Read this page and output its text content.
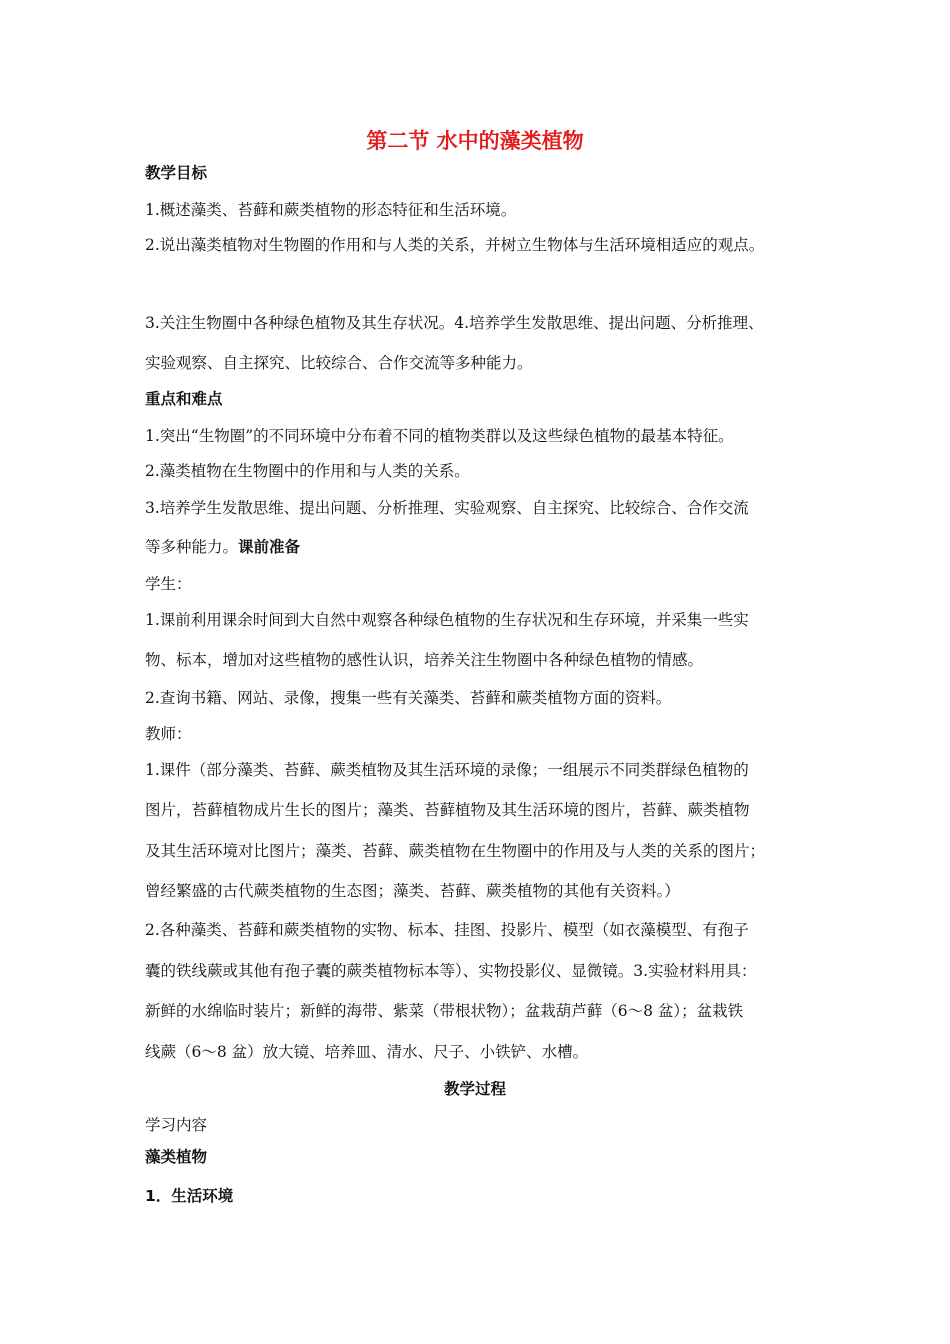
第二节 水中的藻类植物

教学目标

1.概述藻类、苔藓和蕨类植物的形态特征和生活环境。

2.说出藻类植物对生物圈的作用和与人类的关系，并树立生物体与生活环境相适应的观点。

3.关注生物圈中各种绿色植物及其生存状况。4.培养学生发散思维、提出问题、分析推理、

实验观察、自主探究、比较综合、合作交流等多种能力。

重点和难点

1.突出“生物圈”的不同环境中分布着不同的植物类群以及这些绿色植物的最基本特征。

2.藻类植物在生物圈中的作用和与人类的关系。

3.培养学生发散思维、提出问题、分析推理、实验观察、自主探究、比较综合、合作交流

等多种能力。课前准备

学生：

1.课前利用课余时间到大自然中观察各种绿色植物的生存状况和生存环境，并采集一些实

物、标本，增加对这些植物的感性认识，培养关注生物圈中各种绿色植物的情感。

2.查询书籍、网站、录像，搜集一些有关藻类、苔藓和蕨类植物方面的资料。

教师：

1.课件（部分藻类、苔藓、蕨类植物及其生活环境的录像；一组展示不同类群绿色植物的

图片，苔藓植物成片生长的图片；藻类、苔藓植物及其生活环境的图片，苔藓、蕨类植物

及其生活环境对比图片；藻类、苔藓、蕨类植物在生物圈中的作用及与人类的关系的图片；

曾经繁盛的古代蕨类植物的生态图；藻类、苔藓、蕨类植物的其他有关资料。）

2.各种藻类、苔藓和蕨类植物的实物、标本、挂图、投影片、模型（如衣藻模型、有孢子

囊的铁线蕨或其他有孢子囊的蕨类植物标本等）、实物投影仪、显微镜。3.实验材料用具：

新鲜的水绵临时装片；新鲜的海带、紫菜（带根状物）；盆栽葫芦藓（6～8 盆）；盆栽铁

线蕨（6～8 盆）放大镜、培养皿、清水、尺子、小铁铲、水槽。

教学过程

学习内容

藻类植物

1．生活环境
